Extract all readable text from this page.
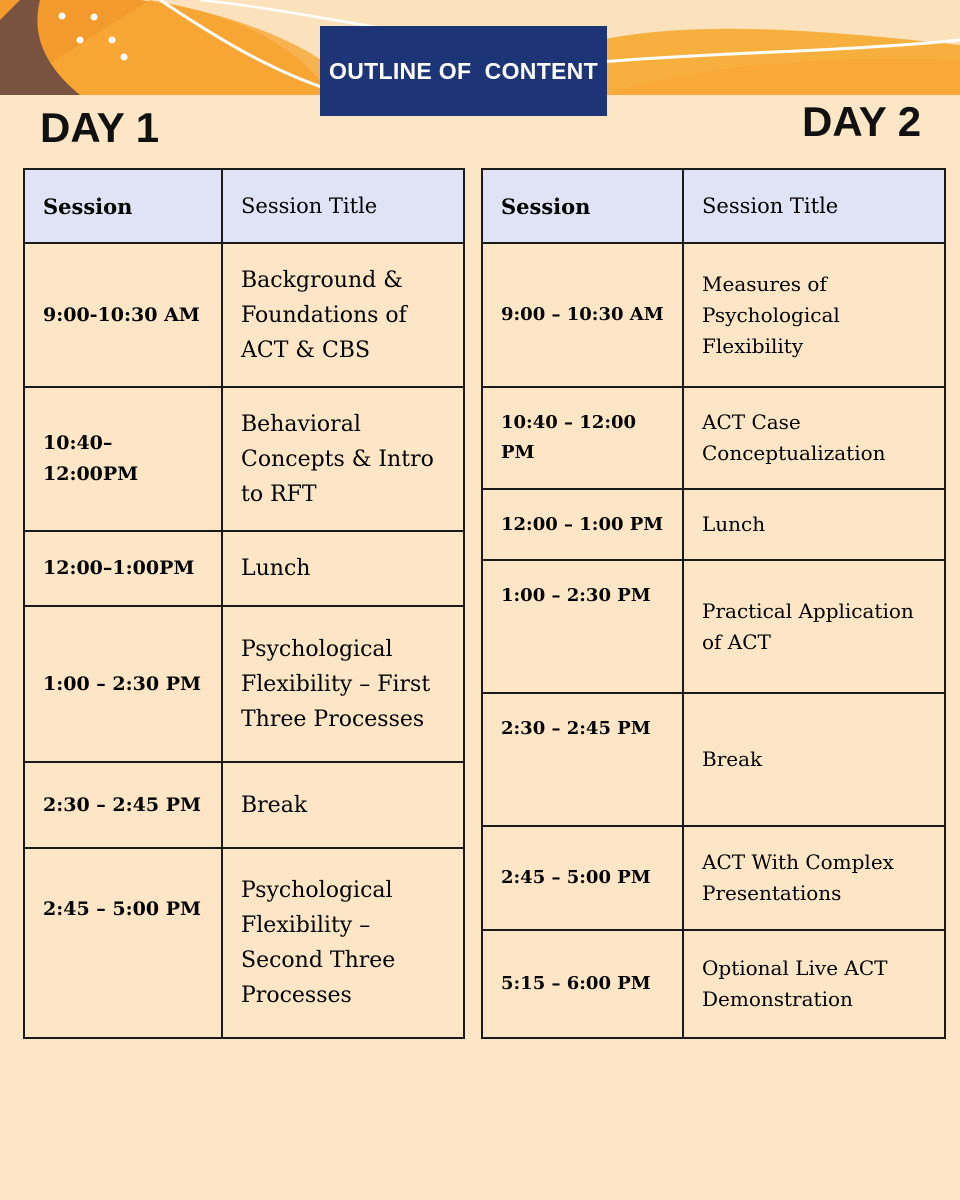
OUTLINE OF  CONTENT
DAY 1	DAY 2
Session	Session Title
9:00-10:30 AM	Background & Foundations of ACT & CBS
10:40–12:00PM	Behavioral Concepts & Intro to RFT
12:00–1:00PM	Lunch
1:00 – 2:30 PM	Psychological Flexibility – First Three Processes
2:30 – 2:45 PM	Break
2:45 – 5:00 PM	Psychological Flexibility – Second Three Processes
Session	Session Title
9:00 – 10:30 AM	Measures of Psychological Flexibility
10:40 – 12:00 PM	ACT Case Conceptualization
12:00 – 1:00 PM	Lunch
1:00 – 2:30 PM	Practical Application of ACT
2:30 – 2:45 PM	Break
2:45 – 5:00 PM	ACT With Complex Presentations
5:15 – 6:00 PM	Optional Live ACT Demonstration
